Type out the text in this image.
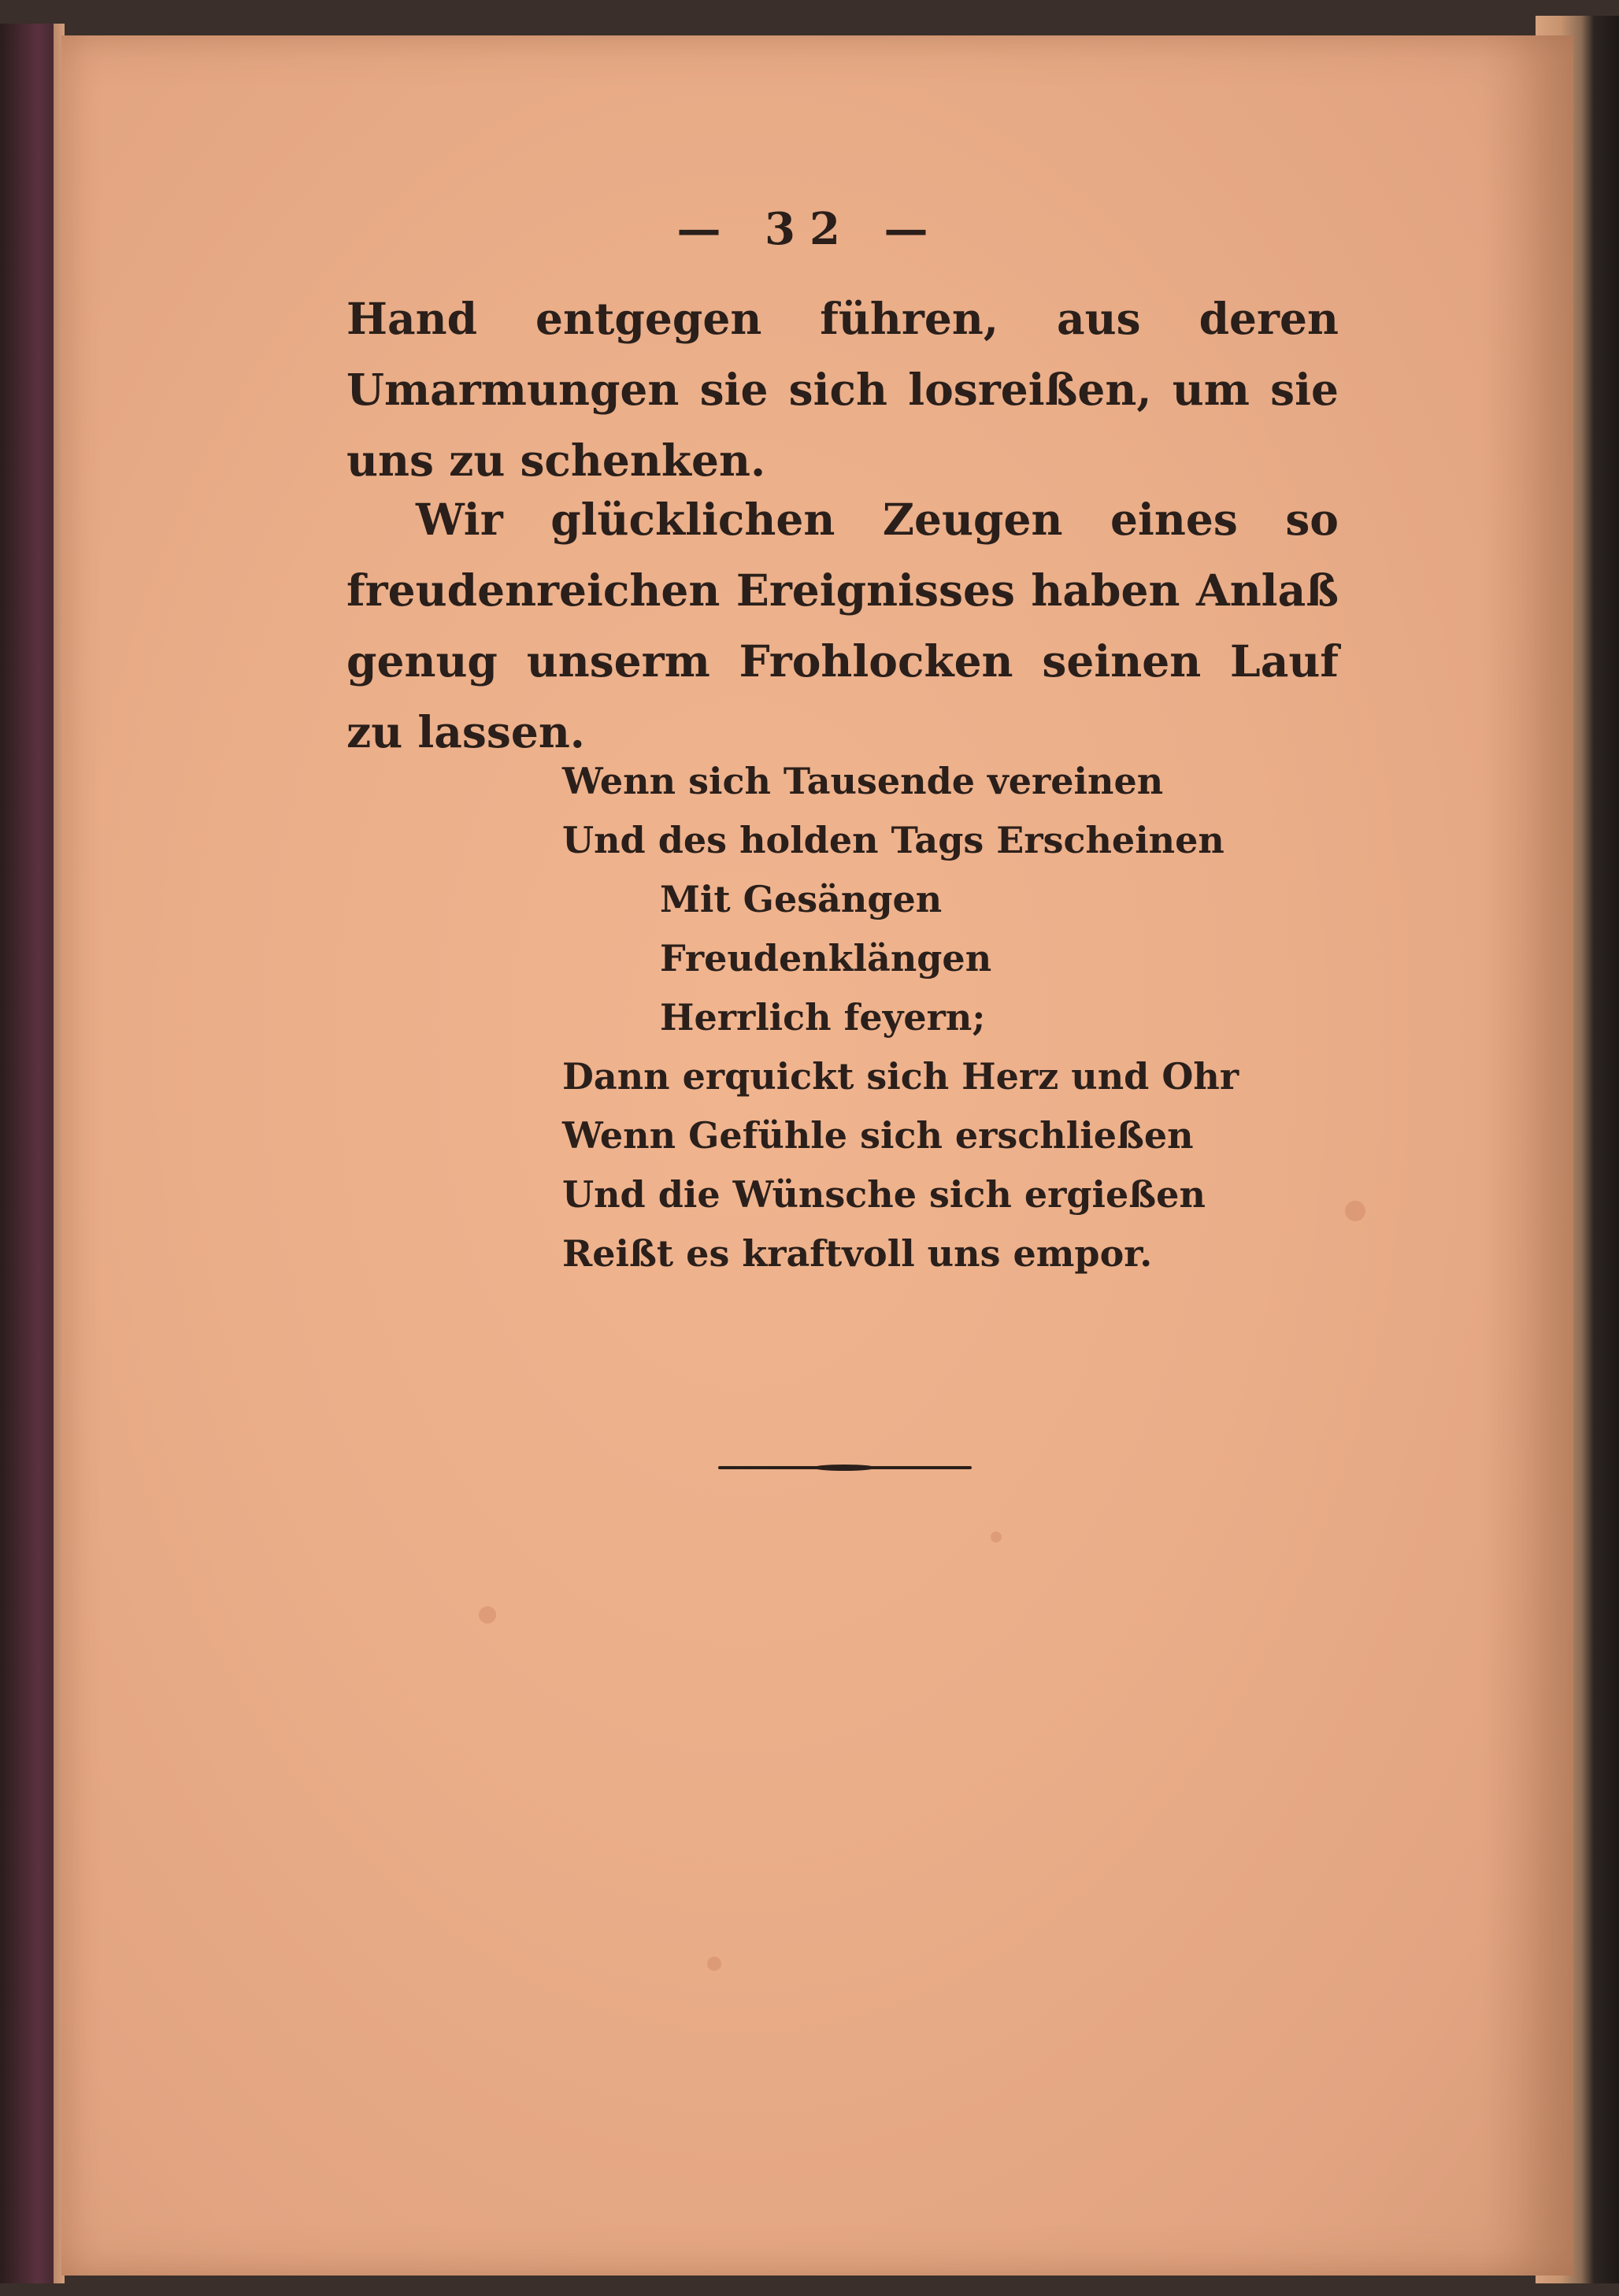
— 32 —

Hand entgegen führen, aus deren Umarmungen sie sich losreißen, um sie uns zu schenken.

Wir glücklichen Zeugen eines so freudenreichen Ereignisses haben Anlaß genug unserm Frohlocken seinen Lauf zu lassen.

Wenn sich Tausende vereinen
Und des holden Tags Erscheinen
Mit Gesängen
Freudenklängen
Herrlich feyern;
Dann erquickt sich Herz und Ohr
Wenn Gefühle sich erschließen
Und die Wünsche sich ergießen
Reißt es kraftvoll uns empor.
